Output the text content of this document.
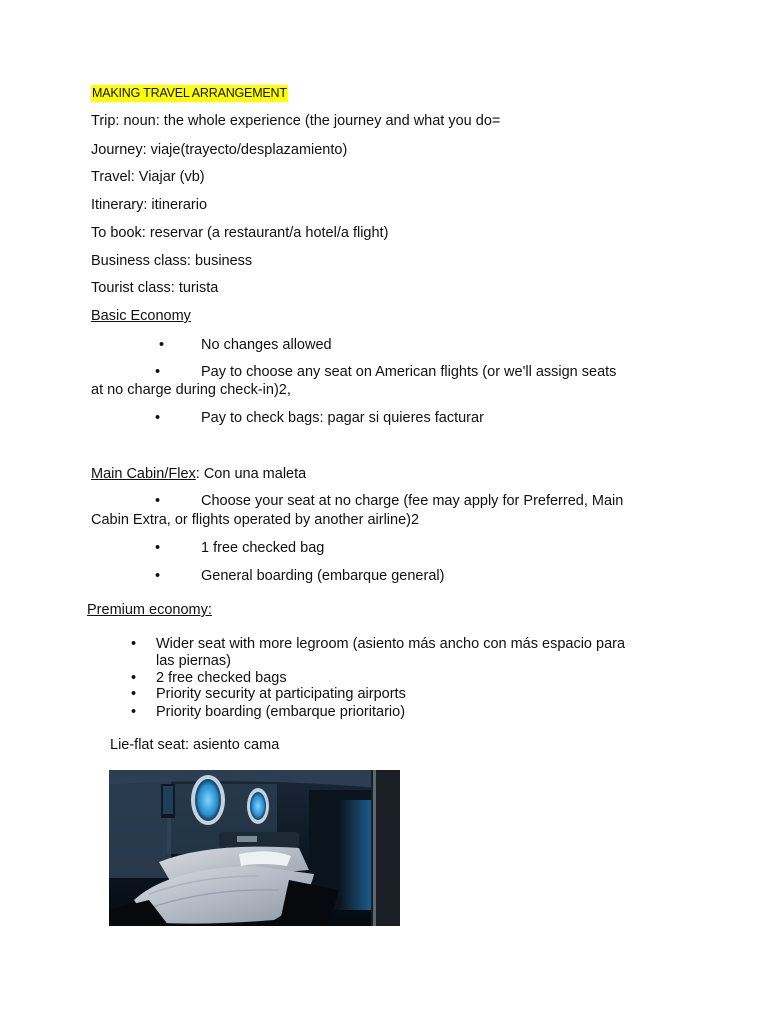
MAKING TRAVEL ARRANGEMENT
Trip: noun: the whole experience (the journey and what you do=
Journey: viaje(trayecto/desplazamiento)
Travel: Viajar (vb)
Itinerary: itinerario
To book: reservar (a restaurant/a hotel/a flight)
Business class: business
Tourist class: turista
Basic Economy
•	No changes allowed
•	Pay to choose any seat on American flights (or we'll assign seats
at no charge during check-in)2,
•	Pay to check bags: pagar si quieres facturar
Main Cabin/Flex: Con una maleta
•	Choose your seat at no charge (fee may apply for Preferred, Main
Cabin Extra, or flights operated by another airline)2
•	1 free checked bag
•	General boarding (embarque general)
Premium economy:
• Wider seat with more legroom (asiento más ancho con más espacio para
las piernas)
• 2 free checked bags
• Priority security at participating airports
• Priority boarding (embarque prioritario)
Lie-flat seat: asiento cama
